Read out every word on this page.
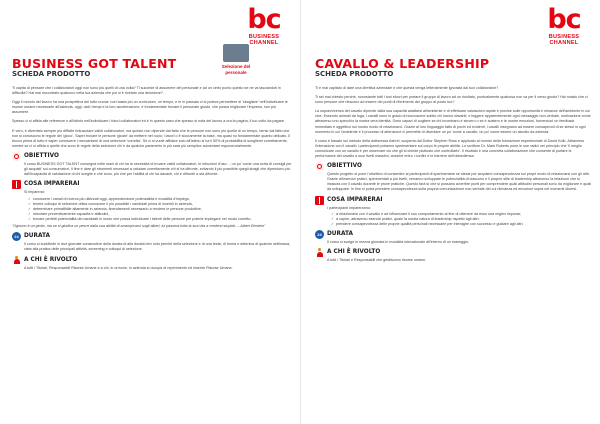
bc
BUSINESS
CHANNEL
Selezione del personale
BUSINESS GOT TALENT
SCHEDA PRODOTTO

Ti capita di pensare che i collaboratori oggi non sono più quelli di una volta? Ti succede di assumere del personale e ad un certo punto questo se ne va lasciandoti in difficoltà? Hai mai riscontrato qualcuno nella tua azienda che poi si è rivelato una delusione?

Oggi il mondo del lavoro ha una prospettiva del tutto nuova: non basta più un curriculum, un tempo, e le in passato ci si poteva permettere di 'sbagliare' nell'individuare le risorse umane necessarie all'azienda, oggi, dati i tempi e la loro accelerazione, è fondamentale trovare il personale giusto, che possa migliorare l'impresa, non più assumere.

Spesso ci si affida alle referenze o all'istinto nell'individuare i futuri collaboratori ed è in questo caso che spesso si nota del lavoro a ora la pagina, il tuo volto da pagare.

E vero, è diventato sempre più difficile rintracciare validi collaboratori, ma questo non dipende dal fatto che le persone non sono più quelle di un tempo, bensì dal fatto che non si conoscono le regole del 'gioco'. Saper trovare le persone 'giuste' da mettere nel ruolo; i lavori o è sicuramente la base, ma quasi no fondamentale quanto delicato. Il trucco prima di tutto è saper conoscere i meccanismi di una selezione 'corretta'. Se ci si vuole affidare solo all'istinto si ha il 50% di probabilità di sceglierei correttamente, mentre se ci si affida a quelle che sono le regole della selezione chi è da qualche parametro in più sarà più semplice aumentare esponenzialmente.

OBIETTIVO

Il corso BUSINESS GOT TALENT consegna nelle mani di chi ha la necessità di trovare validi collaboratori, le istruzioni d'uso ... un po' come una sorta di consigli per gli acquisti' sui consumatori. Il fine è dare gli strumenti necessari a valutare correttamente chi si ha difronte, evitando il più possibile quegli sbagli che dipendono più dall'incapacità di valutazione di chi sceglie e che sono, più che per l'abilità di chi ha davanti, chi è difronte a sta difronte.

COSA IMPARERAI

Si imparerai:

✓ conoscere i canali di ricerca più utilizzati oggi, apprendendone potenzialità e modalità d'impiego,
✓ tenere colloqui di selezione ottica conoscere il più possibile i candidati prima di inserirli in azienda,
✓ determinare primaffidile altamente in azienda, finendamenti necessario a rendere le persone produttive,
✓ misurare preventivamente capacità e attitudini,
✓ trovare perfetti potenzialità dei candidati in modo che possa individuare i talenti delle persone per poterle impiegare nel modo corretto.

"Ognuno è un genio, ma se si giudica un pesce dalla sua abilità di arrampicarsi sugli alberi, lui passerà tutta la sua vita a credersi stupido. – Albert Einstein"

24 DURATA

Il corso si suddivide in due giornate consecutive della durata di alla durata ben noto perché della selezione e di una testa, di forma e deteniva di qualche settimana, vista alla pratica delle principali attività, screening e colloqui di selezione.

A CHI È RIVOLTO

A tutti i Titolari, Responsabili Risorse Umane e a chi, in ormone, in azienda si occupa di reperimento ed inserire Risorse Umane.

bc
BUSINESS
CHANNEL
CAVALLO & LEADERSHIP
SCHEDA PRODOTTO

Ti è mai capitato di dare una direttiva aziendale e che questa venga letteralmente ignorata dai tuoi collaboratori?

Ti sei mai chiesto perché, nonostante tutti i tuoi sforzi per portare il gruppo di lavoro ad un risultato, puntualmente qualcosa non va per il verso giusto? Hai notato che ci sono persone che riescono ad essere dei punti di riferimento del gruppo al posto tuo?

La sopravvivenza del cavallo dipende dalla sua capacità adattarsi all'ambiente e di effettuare valutazioni rapide e precise sulle opportunità e minacce dell'ambiente in cui vive. Essendo animali da fuga, i cavalli sono in grado di riconoscere subito chi hanno davanti; e leggere apparentemente ogni messaggio non-verbale, motivazione come attraverso uno specchio la nostra vera identità. Sono capaci di cogliere se chi incontrano è sincero o se è austero e le nostre emozioni, fornendoci un feedback immediato e oggettivo sul nostro modo di relazionarci. Grazie al loro linguaggio fatto di pochi ed evidenti, i cavalli insegnano ad essere consapevoli di se stessi in ogni momento in cui l'ambiente e il processo di attenzione ci permette di diventare un po' come a cavallo, un po' come essere un ascolto da azienda.

Il corso è basato sul metodo della dottoressa Ashrel, scoperta dal Dottor Stephen Ross e applicato al mondo della formazione esperienziale di David Kolb. Attraverso l'interazione con il cavallo i partecipanti potranno sperimentare sul corpo le proprie abilità. Lo scrittore Dr. Mark Roberts pone le sue radici nel principio che 'il meglio comunicare con un cavallo è per osservare ciò che gli si chiede piuttosto che controllarlo'. Il risultato è una concreta collaborazione che consente di portare le performance del cavallo a suoi livelli massimi, anziché entro i confini e le barriere dell'obbedienza.

OBIETTIVO

Questo progetto si pone l'obiettivo di consentire ai partecipanti di sperimentare se stessi per acquisire consapevolezza sui propri modo di relazionarsi con gli altri. Grazie all'esercizi pratici, sperimentati a più livelli, verranno sviluppate le potenzialità di ciascuno e il proprio stile di leadership attraverso la relazione che si instaura con il cavallo durante le prove pratiche. Questo farà sì che si possano avvertire punti per comprendere quali attitudini personali sono da migliorare e quali da sviluppare. In fine si potrà prendere consapevolezza sulla propria comunicazione non-verbale del cui rilevanza ed emozioni sopra nel momenti diversi.

COSA IMPARERAI

I partecipanti impareranno:

✓ a relazionarsi con il cavallo e ad influenzare il suo comportamento al fine di ottenere da esso una miglior risposta;
✓ a capire, attraverso esercizi pratici, quale la nostra natura di leadership rispetto agli altri;
✓ prendere consapevolezza delle proprie qualità personali necessarie per interagire con successo e guidare agli altri.
24 DURATA

Il corso si svolge in mezza giornata in modalità interazionale all'interno di un maneggio.

A CHI È RIVOLTO

A tutti i Titolari e Responsabili che gestiscono risorse umane.
